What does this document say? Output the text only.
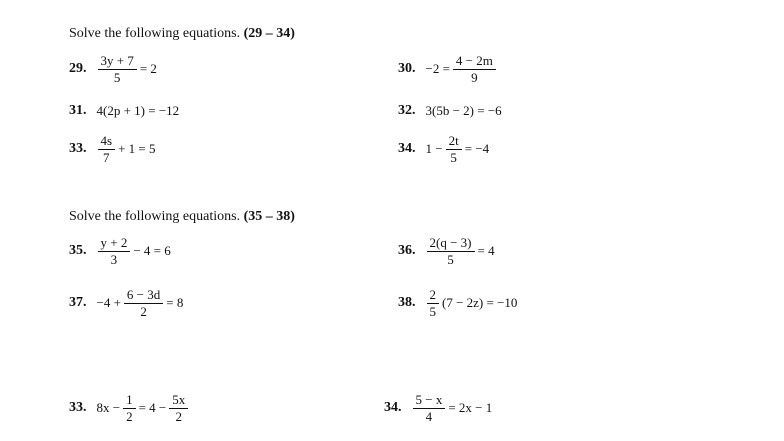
Solve the following equations. (29 – 34)
29. $\frac{3y + 7}{5} = 2$	30. $-2 = \frac{4 - 2m}{9}$
31. 4(2p + 1) = −12	32. 3(5b − 2) = −6
33. $\frac{4s}{7} + 1 = 5$	34. $1 - \frac{2t}{5} = -4$
Solve the following equations. (35 – 38)
35. $\frac{y + 2}{3} - 4 = 6$	36. $\frac{2(q - 3)}{5} = 4$
37. $-4 + \frac{6 - 3d}{2} = 8$	38. $\frac{2}{5} (7 - 2z) = -10$
33. $8x - \frac{1}{2} = 4 - \frac{5x}{2}$	34. $\frac{5 - x}{4} = 2x - 1$
